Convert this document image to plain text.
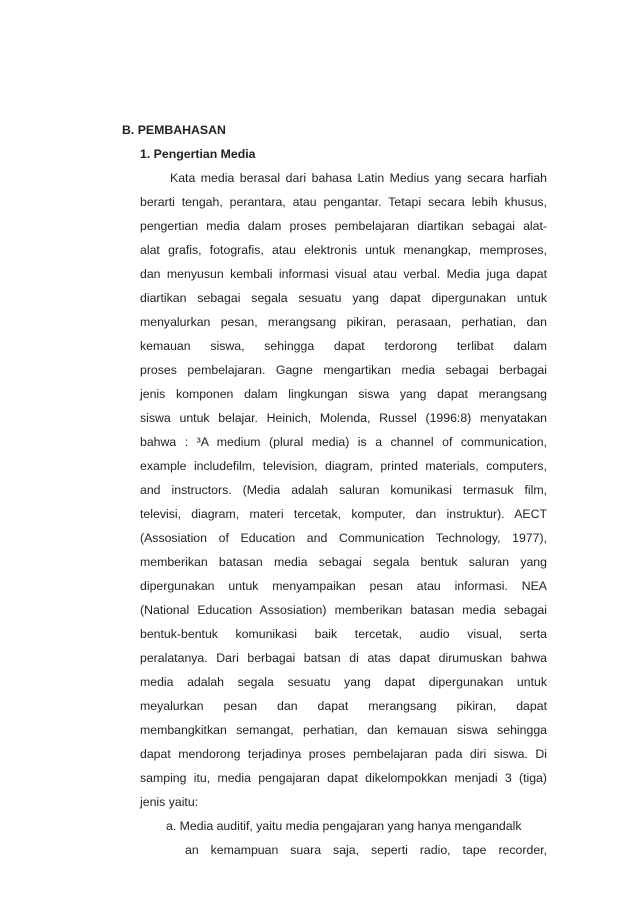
B. PEMBAHASAN
1. Pengertian Media
Kata media berasal dari bahasa Latin Medius yang secara harfiah
berarti tengah, perantara, atau pengantar. Tetapi secara lebih khusus,
pengertian media dalam proses pembelajaran diartikan sebagai alat-
alat grafis, fotografis, atau elektronis untuk menangkap, memproses,
dan menyusun kembali informasi visual atau verbal. Media juga dapat
diartikan sebagai segala sesuatu yang dapat dipergunakan untuk
menyalurkan pesan, merangsang pikiran, perasaan, perhatian, dan
kemauan siswa, sehingga dapat terdorong terlibat dalam
proses pembelajaran. Gagne mengartikan media sebagai berbagai
jenis komponen dalam lingkungan siswa yang dapat merangsang
siswa untuk belajar. Heinich, Molenda, Russel (1996:8) menyatakan
bahwa : ³A medium (plural media) is a channel of communication,
example includefilm, television, diagram, printed materials, computers,
and instructors. (Media adalah saluran komunikasi termasuk film,
televisi, diagram, materi tercetak, komputer, dan instruktur). AECT
(Assosiation of Education and Communication Technology, 1977),
memberikan batasan media sebagai segala bentuk saluran yang
dipergunakan untuk menyampaikan pesan atau informasi. NEA
(National Education Assosiation) memberikan batasan media sebagai
bentuk-bentuk komunikasi baik tercetak, audio visual, serta
peralatanya. Dari berbagai batsan di atas dapat dirumuskan bahwa
media adalah segala sesuatu yang dapat dipergunakan untuk
meyalurkan pesan dan dapat merangsang pikiran, dapat
membangkitkan semangat, perhatian, dan kemauan siswa sehingga
dapat mendorong terjadinya proses pembelajaran pada diri siswa. Di
samping itu, media pengajaran dapat dikelompokkan menjadi 3 (tiga)
jenis yaitu:
a. Media auditif, yaitu media pengajaran yang hanya mengandalk
an kemampuan suara saja, seperti radio, tape recorder,
